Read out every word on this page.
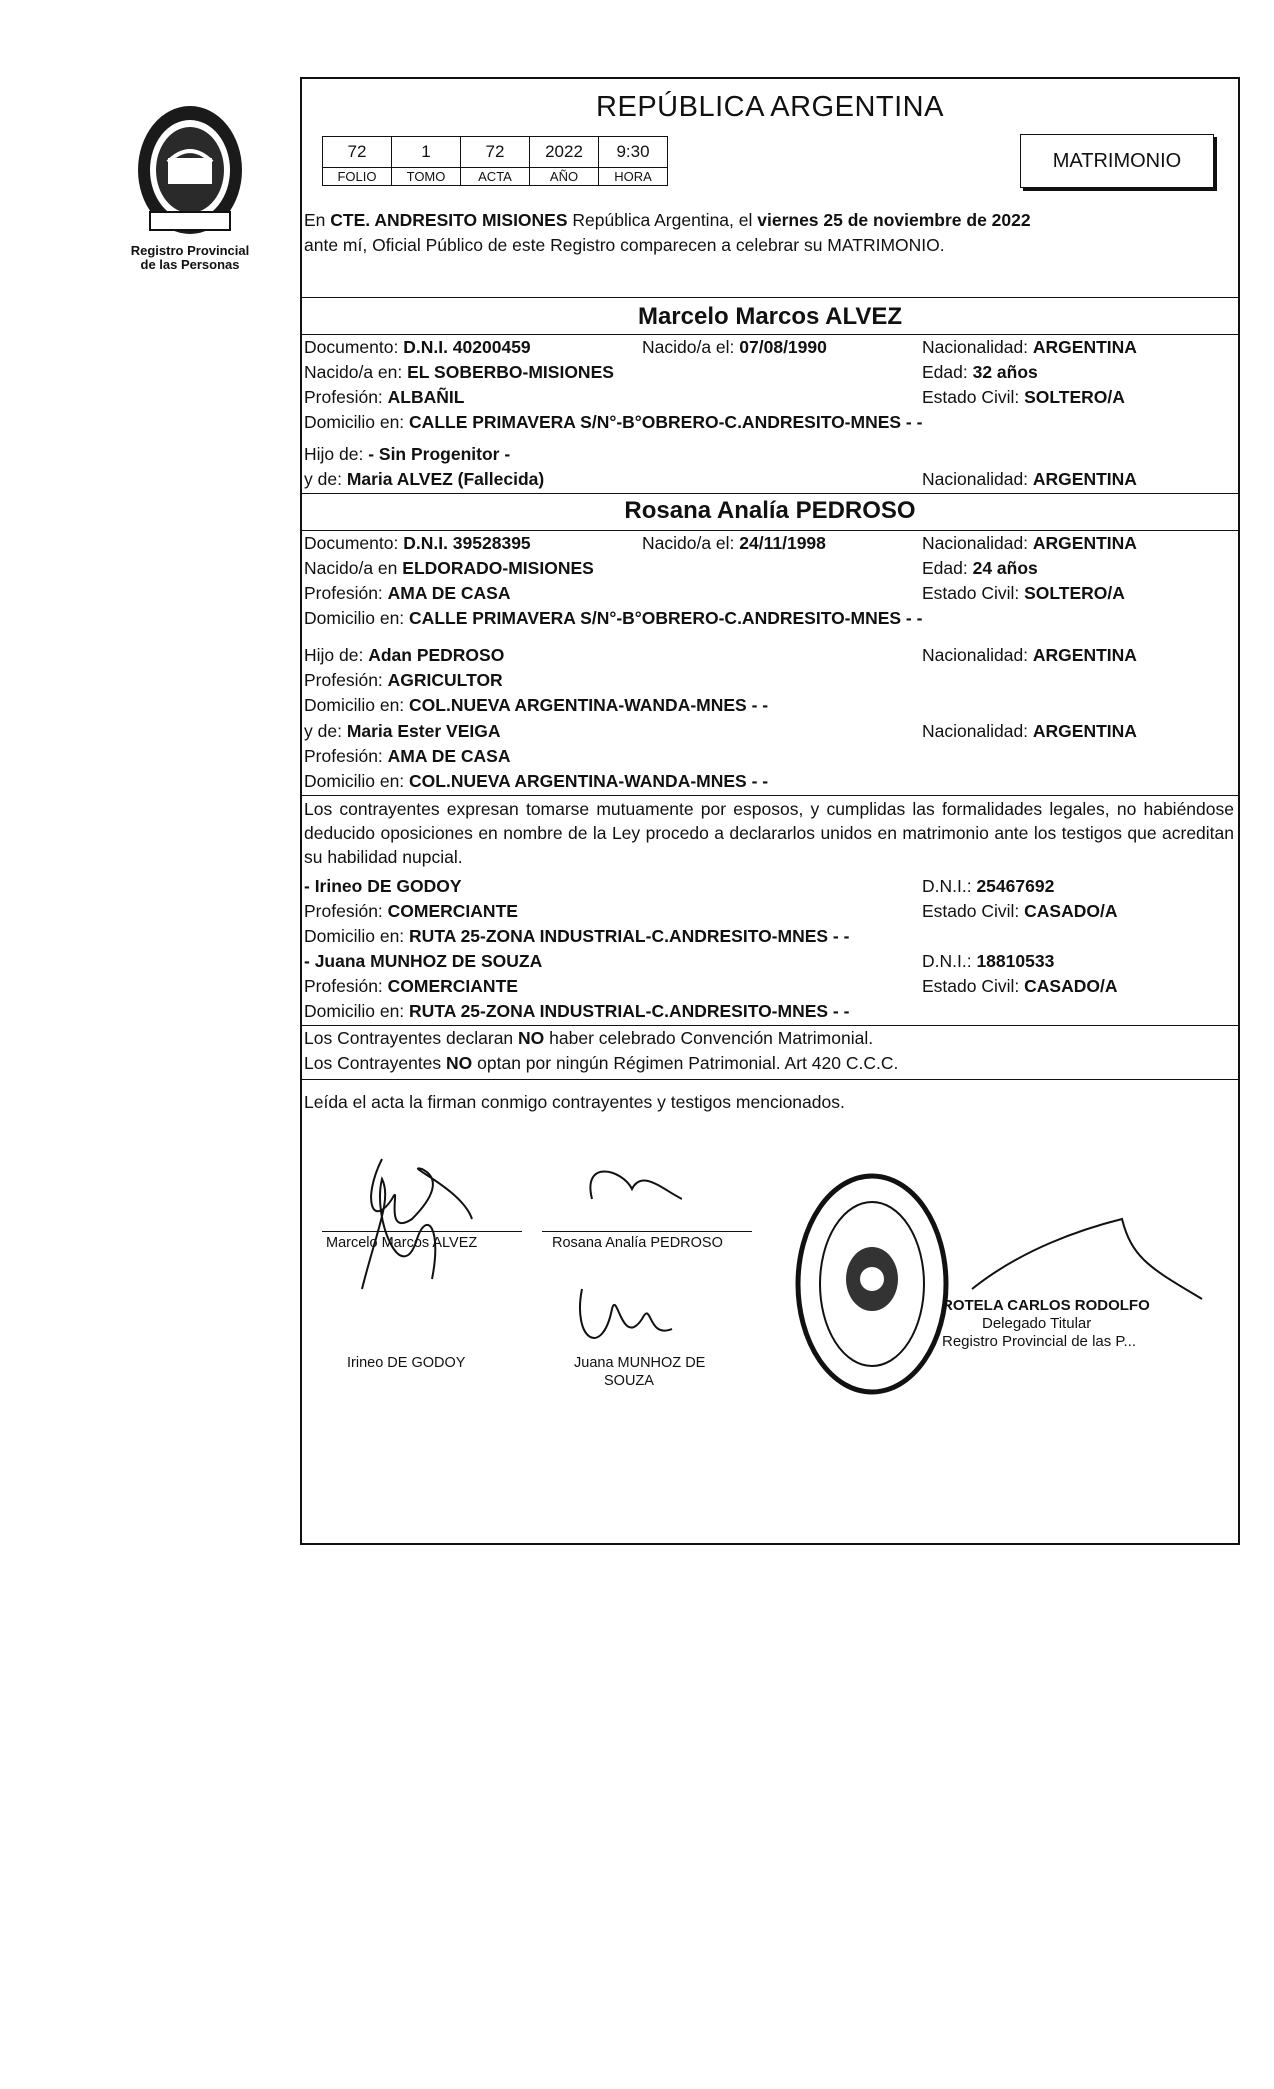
Registro Provincial
de las Personas
REPÚBLICA ARGENTINA
72	1	72	2022	9:30
FOLIO	TOMO	ACTA	AÑO	HORA
MATRIMONIO
En CTE. ANDRESITO MISIONES República Argentina, el viernes 25 de noviembre de 2022
ante mí, Oficial Público de este Registro comparecen a celebrar su MATRIMONIO.
Marcelo Marcos ALVEZ
Documento: D.N.I. 40200459	Nacido/a el: 07/08/1990	Nacionalidad: ARGENTINA
Nacido/a en: EL SOBERBO-MISIONES	Edad: 32 años
Profesión: ALBAÑIL	Estado Civil: SOLTERO/A
Domicilio en: CALLE PRIMAVERA S/N°-B°OBRERO-C.ANDRESITO-MNES - -
Hijo de: - Sin Progenitor -
y de: Maria ALVEZ (Fallecida)	Nacionalidad: ARGENTINA
Rosana Analía PEDROSO
Documento: D.N.I. 39528395	Nacido/a el: 24/11/1998	Nacionalidad: ARGENTINA
Nacido/a en ELDORADO-MISIONES	Edad: 24 años
Profesión: AMA DE CASA	Estado Civil: SOLTERO/A
Domicilio en: CALLE PRIMAVERA S/N°-B°OBRERO-C.ANDRESITO-MNES - -
Hijo de: Adan PEDROSO	Nacionalidad: ARGENTINA
Profesión: AGRICULTOR
Domicilio en: COL.NUEVA ARGENTINA-WANDA-MNES - -
y de: Maria Ester VEIGA	Nacionalidad: ARGENTINA
Profesión: AMA DE CASA
Domicilio en: COL.NUEVA ARGENTINA-WANDA-MNES - -
Los contrayentes expresan tomarse mutuamente por esposos, y cumplidas las formalidades legales, no habiéndose deducido oposiciones en nombre de la Ley procedo a declararlos unidos en matrimonio ante los testigos que acreditan su habilidad nupcial.
- Irineo DE GODOY	D.N.I.: 25467692
Profesión: COMERCIANTE	Estado Civil: CASADO/A
Domicilio en: RUTA 25-ZONA INDUSTRIAL-C.ANDRESITO-MNES - -
- Juana MUNHOZ DE SOUZA	D.N.I.: 18810533
Profesión: COMERCIANTE	Estado Civil: CASADO/A
Domicilio en: RUTA 25-ZONA INDUSTRIAL-C.ANDRESITO-MNES - -
Los Contrayentes declaran NO haber celebrado Convención Matrimonial.
Los Contrayentes NO optan por ningún Régimen Patrimonial. Art 420 C.C.C.
Leída el acta la firman conmigo contrayentes y testigos mencionados.
Marcelo Marcos ALVEZ	Rosana Analía PEDROSO
Irineo DE GODOY	Juana MUNHOZ DE
SOUZA
ROTELA CARLOS RODOLFO
Delegado Titular
Registro Provincial de las P...
